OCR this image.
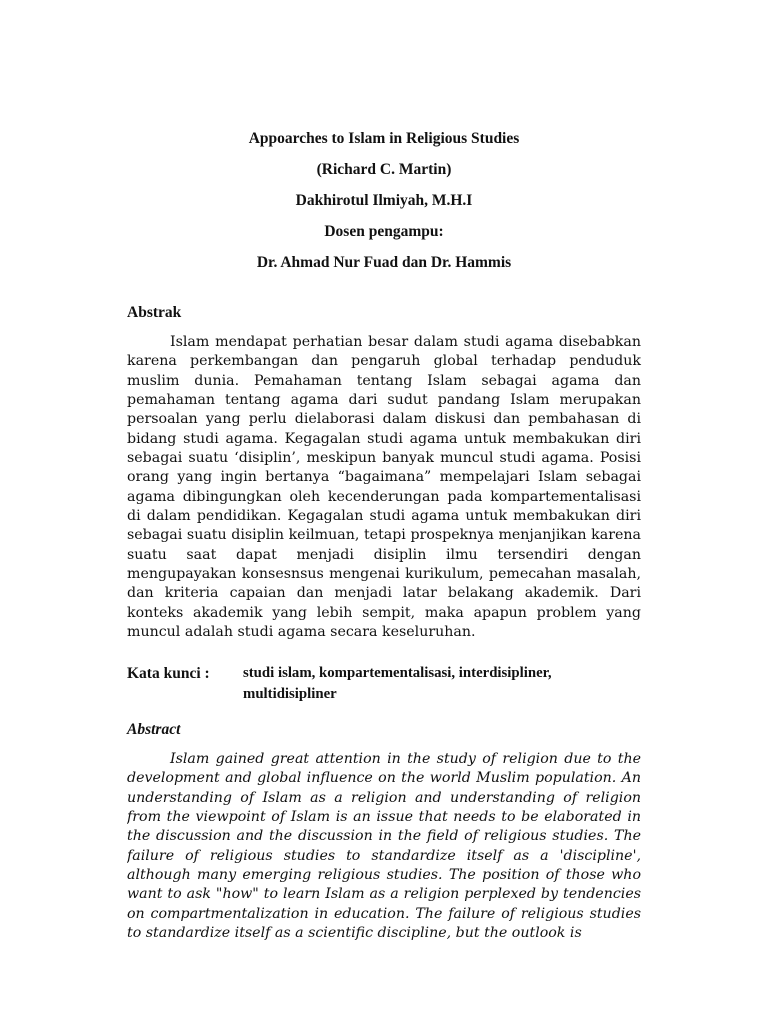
Appoarches to Islam in Religious Studies
(Richard C. Martin)
Dakhirotul Ilmiyah, M.H.I
Dosen pengampu:
Dr. Ahmad Nur Fuad dan Dr. Hammis
Abstrak

Islam mendapat perhatian besar dalam studi agama disebabkan karena perkembangan dan pengaruh global terhadap penduduk muslim dunia. Pemahaman tentang Islam sebagai agama dan pemahaman tentang agama dari sudut pandang Islam merupakan persoalan yang perlu dielaborasi dalam diskusi dan pembahasan di bidang studi agama. Kegagalan studi agama untuk membakukan diri sebagai suatu ‘disiplin’, meskipun banyak muncul studi agama. Posisi orang yang ingin bertanya “bagaimana” mempelajari Islam sebagai agama dibingungkan oleh kecenderungan pada kompartementalisasi di dalam pendidikan. Kegagalan studi agama untuk membakukan diri sebagai suatu disiplin keilmuan, tetapi prospeknya menjanjikan karena suatu saat dapat menjadi disiplin ilmu tersendiri dengan mengupayakan konsesnsus mengenai kurikulum, pemecahan masalah, dan kriteria capaian dan menjadi latar belakang akademik. Dari konteks akademik yang lebih sempit, maka apapun problem yang muncul adalah studi agama secara keseluruhan.

Kata kunci : studi islam, kompartementalisasi, interdisipliner, multidisipliner
Abstract

Islam gained great attention in the study of religion due to the development and global influence on the world Muslim population. An understanding of Islam as a religion and understanding of religion from the viewpoint of Islam is an issue that needs to be elaborated in the discussion and the discussion in the field of religious studies. The failure of religious studies to standardize itself as a 'discipline', although many emerging religious studies. The position of those who want to ask "how" to learn Islam as a religion perplexed by tendencies on compartmentalization in education. The failure of religious studies to standardize itself as a scientific discipline, but the outlook is
